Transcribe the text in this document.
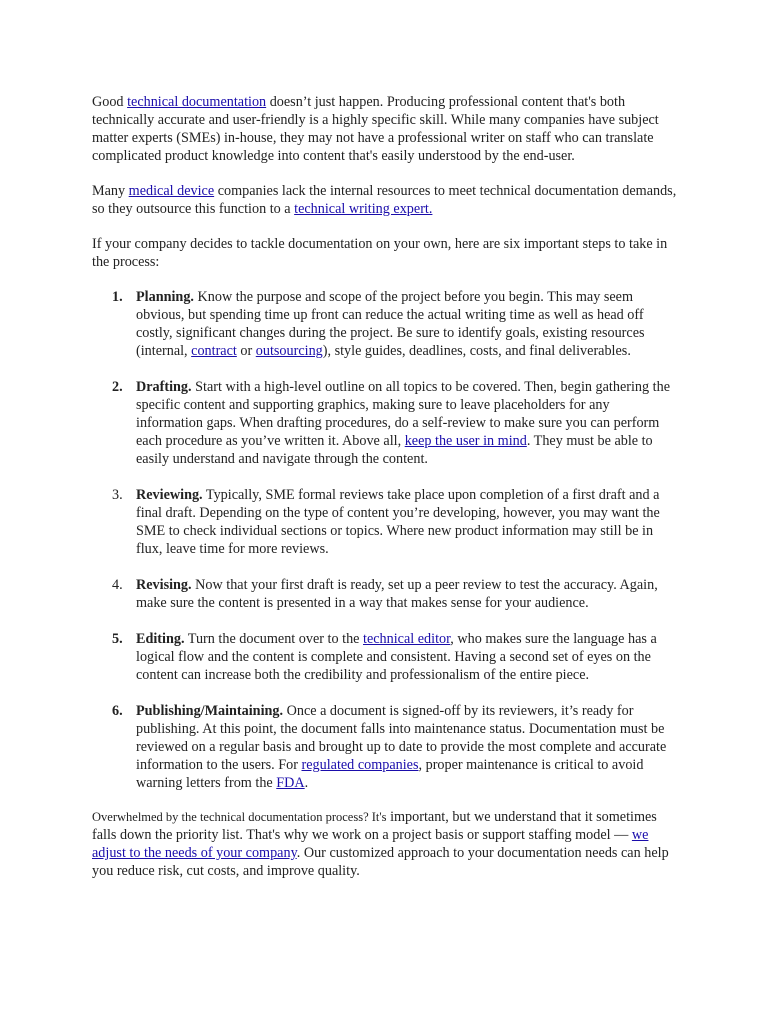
Good technical documentation doesn’t just happen. Producing professional content that's both technically accurate and user-friendly is a highly specific skill. While many companies have subject matter experts (SMEs) in-house, they may not have a professional writer on staff who can translate complicated product knowledge into content that's easily understood by the end-user.

Many medical device companies lack the internal resources to meet technical documentation demands, so they outsource this function to a technical writing expert.

If your company decides to tackle documentation on your own, here are six important steps to take in the process:

1. Planning. Know the purpose and scope of the project before you begin. This may seem obvious, but spending time up front can reduce the actual writing time as well as head off costly, significant changes during the project. Be sure to identify goals, existing resources (internal, contract or outsourcing), style guides, deadlines, costs, and final deliverables.
2. Drafting. Start with a high-level outline on all topics to be covered. Then, begin gathering the specific content and supporting graphics, making sure to leave placeholders for any information gaps. When drafting procedures, do a self-review to make sure you can perform each procedure as you’ve written it. Above all, keep the user in mind. They must be able to easily understand and navigate through the content.
3. Reviewing. Typically, SME formal reviews take place upon completion of a first draft and a final draft. Depending on the type of content you’re developing, however, you may want the SME to check individual sections or topics. Where new product information may still be in flux, leave time for more reviews.
4. Revising. Now that your first draft is ready, set up a peer review to test the accuracy. Again, make sure the content is presented in a way that makes sense for your audience.
5. Editing. Turn the document over to the technical editor, who makes sure the language has a logical flow and the content is complete and consistent. Having a second set of eyes on the content can increase both the credibility and professionalism of the entire piece.
6. Publishing/Maintaining. Once a document is signed-off by its reviewers, it’s ready for publishing. At this point, the document falls into maintenance status. Documentation must be reviewed on a regular basis and brought up to date to provide the most complete and accurate information to the users. For regulated companies, proper maintenance is critical to avoid warning letters from the FDA.

Overwhelmed by the technical documentation process? It's important, but we understand that it sometimes falls down the priority list. That's why we work on a project basis or support staffing model — we adjust to the needs of your company. Our customized approach to your documentation needs can help you reduce risk, cut costs, and improve quality.
